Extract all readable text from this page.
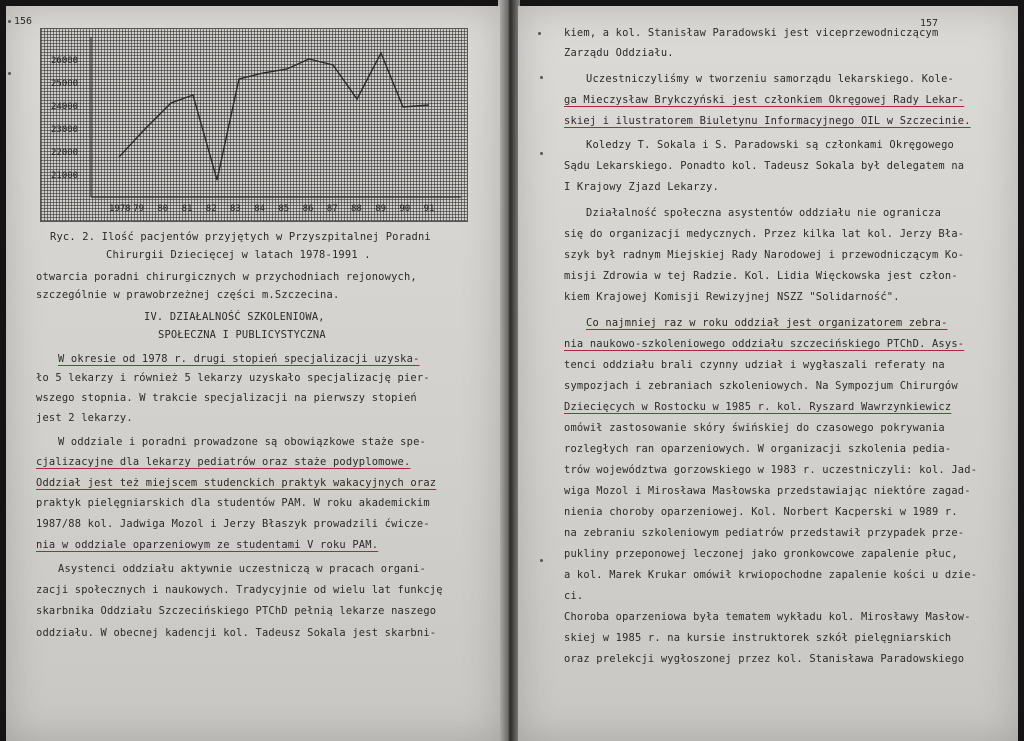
156
26000
25000
24000
23000
22000
21000
1978 79 80 81 82 83 84 85 86 87 88 89 90 91
Ryc. 2. Ilość pacjentów przyjętych w Przyszpitalnej Poradni
Chirurgii Dziecięcej w latach 1978-1991 .
otwarcia poradni chirurgicznych w przychodniach rejonowych,
szczególnie w prawobrzeżnej części m.Szczecina.
IV. DZIAŁALNOŚĆ SZKOLENIOWA,
SPOŁECZNA I PUBLICYSTYCZNA
W okresie od 1978 r. drugi stopień specjalizacji uzyska-
ło 5 lekarzy i również 5 lekarzy uzyskało specjalizację pier-
wszego stopnia. W trakcie specjalizacji na pierwszy stopień
jest 2 lekarzy.
W oddziale i poradni prowadzone są obowiązkowe staże spe-
cjalizacyjne dla lekarzy pediatrów oraz staże podyplomowe.
Oddział jest też miejscem studenckich praktyk wakacyjnych oraz
praktyk pielęgniarskich dla studentów PAM. W roku akademickim
1987/88 kol. Jadwiga Mozol i Jerzy Błaszyk prowadzili ćwicze-
nia w oddziale oparzeniowym ze studentami V roku PAM.
Asystenci oddziału aktywnie uczestniczą w pracach organi-
zacji społecznych i naukowych. Tradycyjnie od wielu lat funkcję
skarbnika Oddziału Szczecińskiego PTChD pełnią lekarze naszego
oddziału. W obecnej kadencji kol. Tadeusz Sokala jest skarbni-
157
kiem, a kol. Stanisław Paradowski jest viceprzewodniczącym
Zarządu Oddziału.
Uczestniczyliśmy w tworzeniu samorządu lekarskiego. Kole-
ga Mieczysław Brykczyński jest członkiem Okręgowej Rady Lekar-
skiej i ilustratorem Biuletynu Informacyjnego OIL w Szczecinie.
Koledzy T. Sokala i S. Paradowski są członkami Okręgowego
Sądu Lekarskiego. Ponadto kol. Tadeusz Sokala był delegatem na
I Krajowy Zjazd Lekarzy.
Działalność społeczna asystentów oddziału nie ogranicza
się do organizacji medycznych. Przez kilka lat kol. Jerzy Bła-
szyk był radnym Miejskiej Rady Narodowej i przewodniczącym Ko-
misji Zdrowia w tej Radzie. Kol. Lidia Więckowska jest człon-
kiem Krajowej Komisji Rewizyjnej NSZZ "Solidarność".
Co najmniej raz w roku oddział jest organizatorem zebra-
nia naukowo-szkoleniowego oddziału szczecińskiego PTChD. Asys-
tenci oddziału brali czynny udział i wygłaszali referaty na
sympozjach i zebraniach szkoleniowych. Na Sympozjum Chirurgów
Dziecięcych w Rostocku w 1985 r. kol. Ryszard Wawrzynkiewicz
omówił zastosowanie skóry świńskiej do czasowego pokrywania
rozległych ran oparzeniowych. W organizacji szkolenia pedia-
trów województwa gorzowskiego w 1983 r. uczestniczyli: kol. Jad-
wiga Mozol i Mirosława Masłowska przedstawiając niektóre zagad-
nienia choroby oparzeniowej. Kol. Norbert Kacperski w 1989 r.
na zebraniu szkoleniowym pediatrów przedstawił przypadek prze-
pukliny przeponowej leczonej jako gronkowcowe zapalenie płuc,
a kol. Marek Krukar omówił krwiopochodne zapalenie kości u dzie-
ci.
Choroba oparzeniowa była tematem wykładu kol. Mirosławy Masłow-
skiej w 1985 r. na kursie instruktorek szkół pielęgniarskich
oraz prelekcji wygłoszonej przez kol. Stanisława Paradowskiego
